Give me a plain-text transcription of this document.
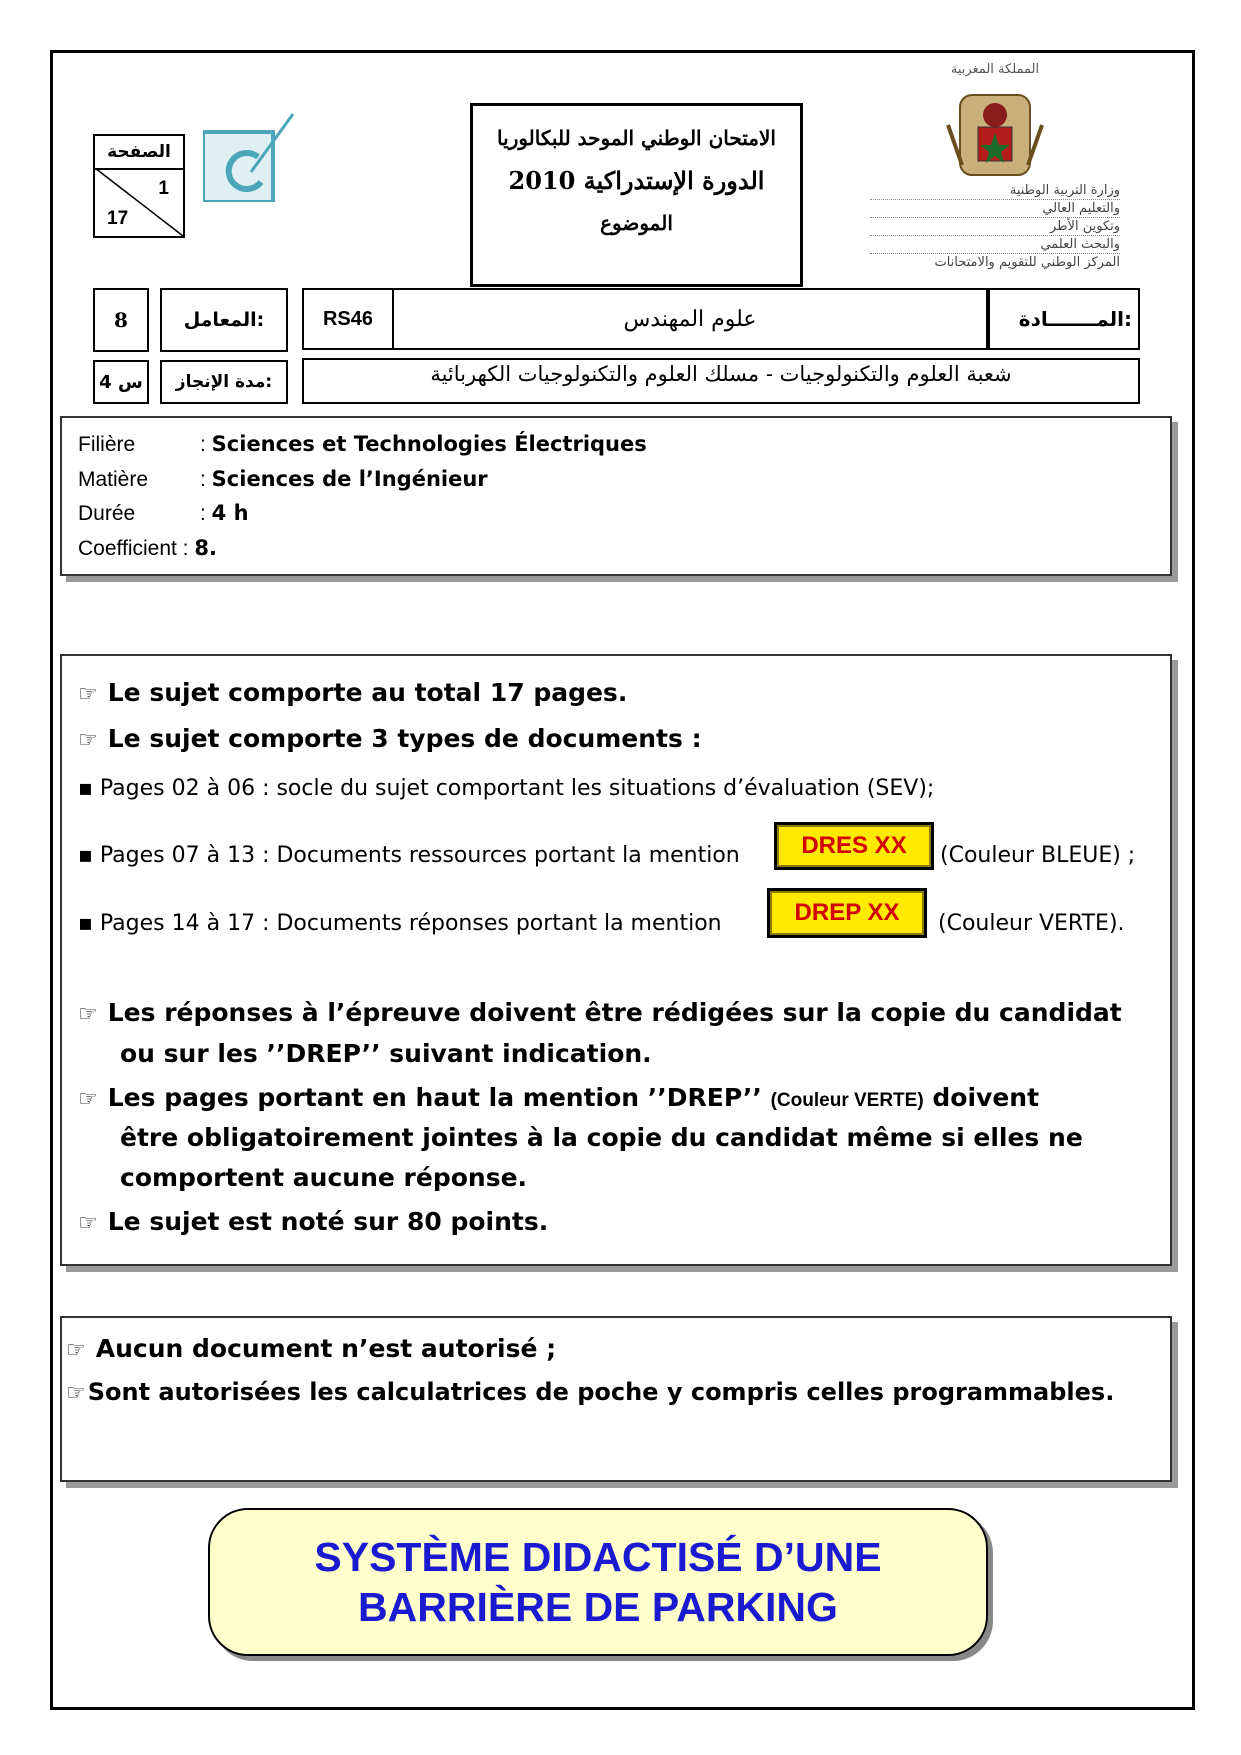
المملكة المغربية
وزارة التربية الوطنية
والتعليم العالي
وتكوين الأطر
والبحث العلمي
المركز الوطني للتقويم والامتحانات
الصفحة
1
17
الامتحان الوطني الموحد للبكالوريا
الدورة الإستدراكية 2010
الموضوع
8	المعامل:	RS46	علوم المهندس	المـــــــادة:
4 س	مدة الإنجاز:	شعبة العلوم والتكنولوجيات - مسلك العلوم والتكنولوجيات الكهربائية
Filière	: Sciences et Technologies Électriques
Matière : Sciences de l’Ingénieur
Durée	: 4 h
Coefficient : 8.
☞ Le sujet comporte au total 17 pages.
☞ Le sujet comporte 3 types de documents :
▪ Pages 02 à 06 : socle du sujet comportant les situations d’évaluation (SEV);
▪ Pages 07 à 13 : Documents ressources portant la mention	DRES XX	(Couleur BLEUE) ;
▪ Pages 14 à 17 : Documents réponses portant la mention	DREP XX	(Couleur VERTE).
☞ Les réponses à l’épreuve doivent être rédigées sur la copie du candidat
ou sur les ’’DREP’’ suivant indication.
☞ Les pages portant en haut la mention ’’DREP’’ (Couleur VERTE) doivent
être obligatoirement jointes à la copie du candidat même si elles ne
comportent aucune réponse.
☞ Le sujet est noté sur 80 points.
☞ Aucun document n’est autorisé ;
☞Sont autorisées les calculatrices de poche y compris celles programmables.
SYSTÈME DIDACTISÉ D’UNE
BARRIÈRE DE PARKING
